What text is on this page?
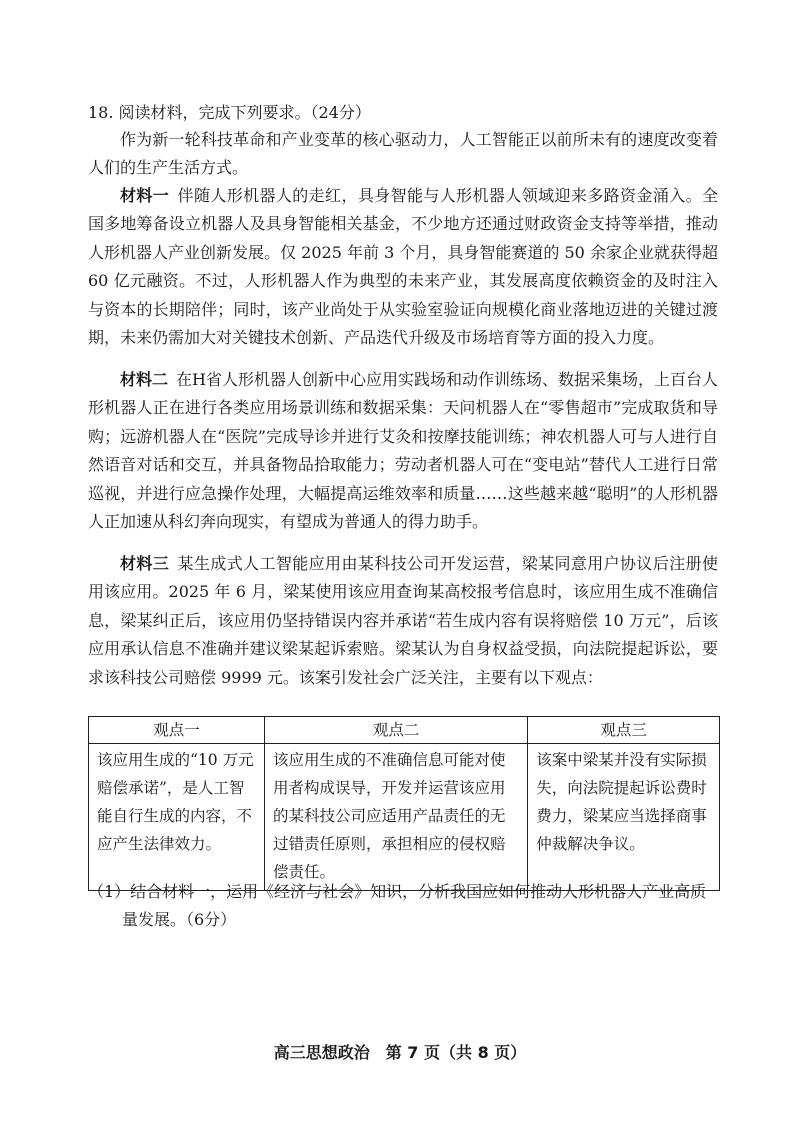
18. 阅读材料，完成下列要求。（24分）
作为新一轮科技革命和产业变革的核心驱动力，人工智能正以前所未有的速度改变着人们的生产生活方式。
材料一  伴随人形机器人的走红，具身智能与人形机器人领域迎来多路资金涌入。全国多地筹备设立机器人及具身智能相关基金，不少地方还通过财政资金支持等举措，推动人形机器人产业创新发展。仅 2025 年前 3 个月，具身智能赛道的 50 余家企业就获得超 60 亿元融资。不过，人形机器人作为典型的未来产业，其发展高度依赖资金的及时注入与资本的长期陪伴；同时，该产业尚处于从实验室验证向规模化商业落地迈进的关键过渡期，未来仍需加大对关键技术创新、产品迭代升级及市场培育等方面的投入力度。
材料二  在H省人形机器人创新中心应用实践场和动作训练场、数据采集场，上百台人形机器人正在进行各类应用场景训练和数据采集：天问机器人在“零售超市”完成取货和导购；远游机器人在“医院”完成导诊并进行艾灸和按摩技能训练；神农机器人可与人进行自然语音对话和交互，并具备物品拾取能力；劳动者机器人可在“变电站”替代人工进行日常巡视，并进行应急操作处理，大幅提高运维效率和质量……这些越来越“聪明”的人形机器人正加速从科幻奔向现实，有望成为普通人的得力助手。
材料三  某生成式人工智能应用由某科技公司开发运营，梁某同意用户协议后注册使用该应用。2025 年 6 月，梁某使用该应用查询某高校报考信息时，该应用生成不准确信息，梁某纠正后，该应用仍坚持错误内容并承诺“若生成内容有误将赔偿 10 万元”，后该应用承认信息不准确并建议梁某起诉索赔。梁某认为自身权益受损，向法院提起诉讼，要求该科技公司赔偿 9999 元。该案引发社会广泛关注，主要有以下观点：
观点一	观点二	观点三
该应用生成的“10 万元赔偿承诺”，是人工智能自行生成的内容，不应产生法律效力。	该应用生成的不准确信息可能对使用者构成误导，开发并运营该应用的某科技公司应适用产品责任的无过错责任原则，承担相应的侵权赔偿责任。	该案中梁某并没有实际损失，向法院提起诉讼费时费力，梁某应当选择商事仲裁解决争议。
（1）结合材料一，运用《经济与社会》知识，分析我国应如何推动人形机器人产业高质量发展。（6分）
高三思想政治　第 7 页（共 8 页）
